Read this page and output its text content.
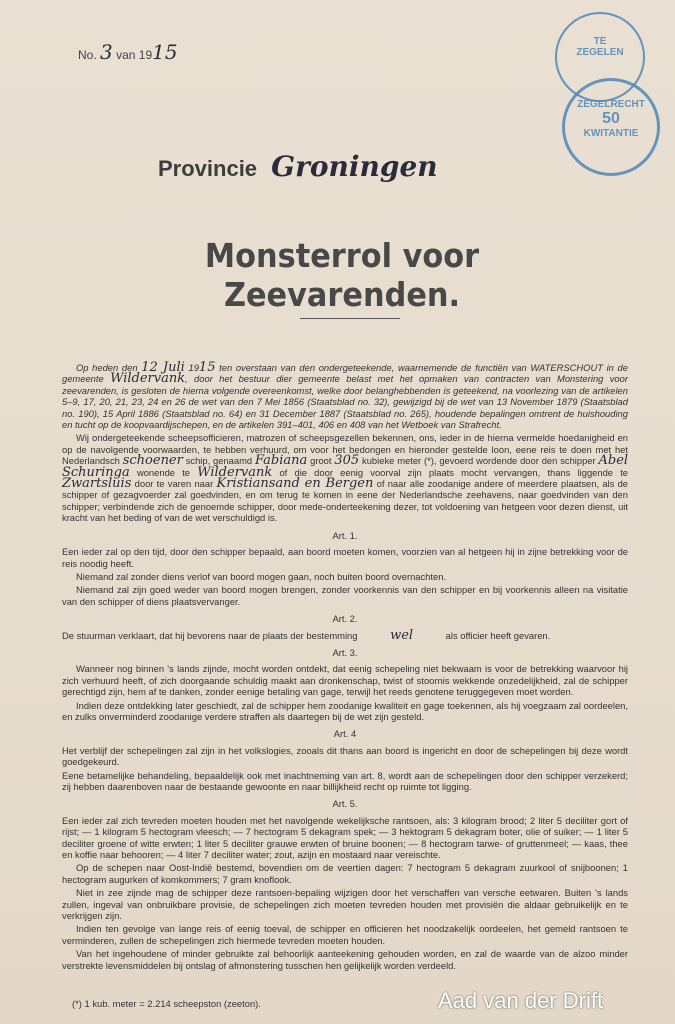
No. 3 van 1915	TE
ZEGELEN
ZEGELRECHT
50
KWITANTIE
Provincie Groningen
Monsterrol voor Zeevarenden.

Op heden den 12 Juli 1915 ten overstaan van den ondergeteekende, waarnemende de functiën van WATERSCHOUT in de gemeente Wildervank, door het bestuur dier gemeente belast met het opmaken van contracten van Monstering voor zeevarenden, is gesloten de hierna volgende overeenkomst, welke door belanghebbenden is geteekend, na voorlezing van de artikelen 5–9, 17, 20, 21, 23, 24 en 26 de wet van den 7 Mei 1856 (Staatsblad no. 32), gewijzigd bij de wet van 13 November 1879 (Staatsblad no. 190), 15 April 1886 (Staatsblad no. 64) en 31 December 1887 (Staatsblad no. 265), houdende bepalingen omtrent de huishouding en tucht op de koopvaardijschepen, en de artikelen 391–401, 406 en 408 van het Wetboek van Strafrecht.

Wij ondergeteekende scheepsofficieren, matrozen of scheepsgezellen bekennen, ons, ieder in de hierna vermelde hoedanigheid en op de navolgende voorwaarden, te hebben verhuurd, om voor het bedongen en hieronder gestelde loon, eene reis te doen met het Nederlandsch schoener schip, genaamd Fabiana groot 305 kubieke meter (*), gevoerd wordende door den schipper Abel Schuringa wonende te Wildervank of die door eenig voorval zijn plaats mocht vervangen, thans liggende te Zwartsluis door te varen naar Kristiansand en Bergen of naar alle zoodanige andere of meerdere plaatsen, als de schipper of gezagvoerder zal goedvinden, en om terug te komen in eene der Nederlandsche zeehavens, naar goedvinden van den schipper; verbindende zich de genoemde schipper, door mede-onderteekening dezer, tot voldoening van hetgeen voor dezen dienst, uit kracht van het beding of van de wet verschuldigd is.

Art. 1.

Een ieder zal op den tijd, door den schipper bepaald, aan boord moeten komen, voorzien van al hetgeen hij in zijne betrekking voor de reis noodig heeft.

Niemand zal zonder diens verlof van boord mogen gaan, noch buiten boord overnachten.

Niemand zal zijn goed weder van boord mogen brengen, zonder voorkennis van den schipper en bij voorkennis alleen na visitatie van den schipper of diens plaatsvervanger.

Art. 2.

De stuurman verklaart, dat hij bevorens naar de plaats der bestemming	wel	als officier heeft gevaren.

Art. 3.

Wanneer nog binnen 's lands zijnde, mocht worden ontdekt, dat eenig schepeling niet bekwaam is voor de betrekking waarvoor hij zich verhuurd heeft, of zich doorgaande schuldig maakt aan dronkenschap, twist of stoornis wekkende onzedelijkheid, zal de schipper gerechtigd zijn, hem af te danken, zonder eenige betaling van gage, terwijl het reeds genotene teruggegeven moet worden.

Indien deze ontdekking later geschiedt, zal de schipper hem zoodanige kwaliteit en gage toekennen, als hij voegzaam zal oordeelen, en zulks onverminderd zoodanige verdere straffen als daartegen bij de wet zijn gesteld.

Art. 4

Het verblijf der schepelingen zal zijn in het volkslogies, zooals dit thans aan boord is ingericht en door de schepelingen bij deze wordt goedgekeurd.

Eene betamelijke behandeling, bepaaldelijk ook met inachtneming van art. 8, wordt aan de schepelingen door den schipper verzekerd; zij hebben daarenboven naar de bestaande gewoonte en naar billijkheid recht op ruimte tot ligging.

Art. 5.

Een ieder zal zich tevreden moeten houden met het navolgende wekelijksche rantsoen, als: 3 kilogram brood; 2 liter 5 deciliter gort of rijst; — 1 kilogram 5 hectogram vleesch; — 7 hectogram 5 dekagram spek; — 3 hektogram 5 dekagram boter, olie of suiker; — 1 liter 5 deciliter groene of witte erwten; 1 liter 5 deciliter grauwe erwten of bruine boonen; — 8 hectogram tarwe- of gruttenmeel; — kaas, thee en koffie naar behooren; — 4 liter 7 deciliter water; zout, azijn en mostaard naar vereischte.

Op de schepen naar Oost-Indië bestemd, bovendien om de veertien dagen: 7 hectogram 5 dekagram zuurkool of snijboonen; 1 hectogram augurken of komkommers; 7 gram knoflook.

Niet in zee zijnde mag de schipper deze rantsoen-bepaling wijzigen door het verschaffen van versche eetwaren. Buiten 's lands zullen, ingeval van onbruikbare provisie, de schepelingen zich moeten tevreden houden met provisiën die aldaar gebruikelijk en te verkrijgen zijn.

Indien ten gevolge van lange reis of eenig toeval, de schipper en officieren het noodzakelijk oordeelen, het gemeld rantsoen te verminderen, zullen de schepelingen zich hiermede tevreden moeten houden.

Van het ingehoudene of minder gebruikte zal behoorlijk aanteekening gehouden worden, en zal de waarde van de alzoo minder verstrekte levensmiddelen bij ontslag of afmonstering tusschen hen gelijkelijk worden verdeeld.

(*) 1 kub. meter = 2.214 scheepston (zeeton).	Aad van der Drift
